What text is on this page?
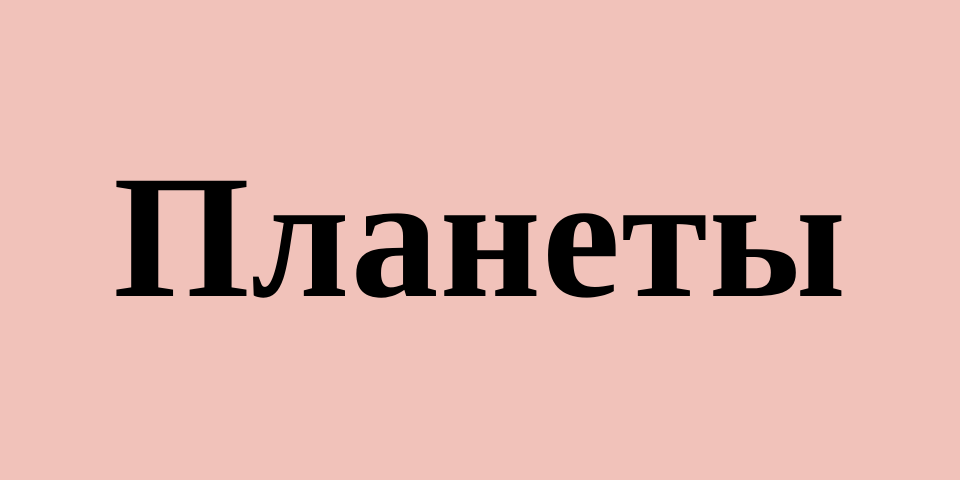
Планеты
